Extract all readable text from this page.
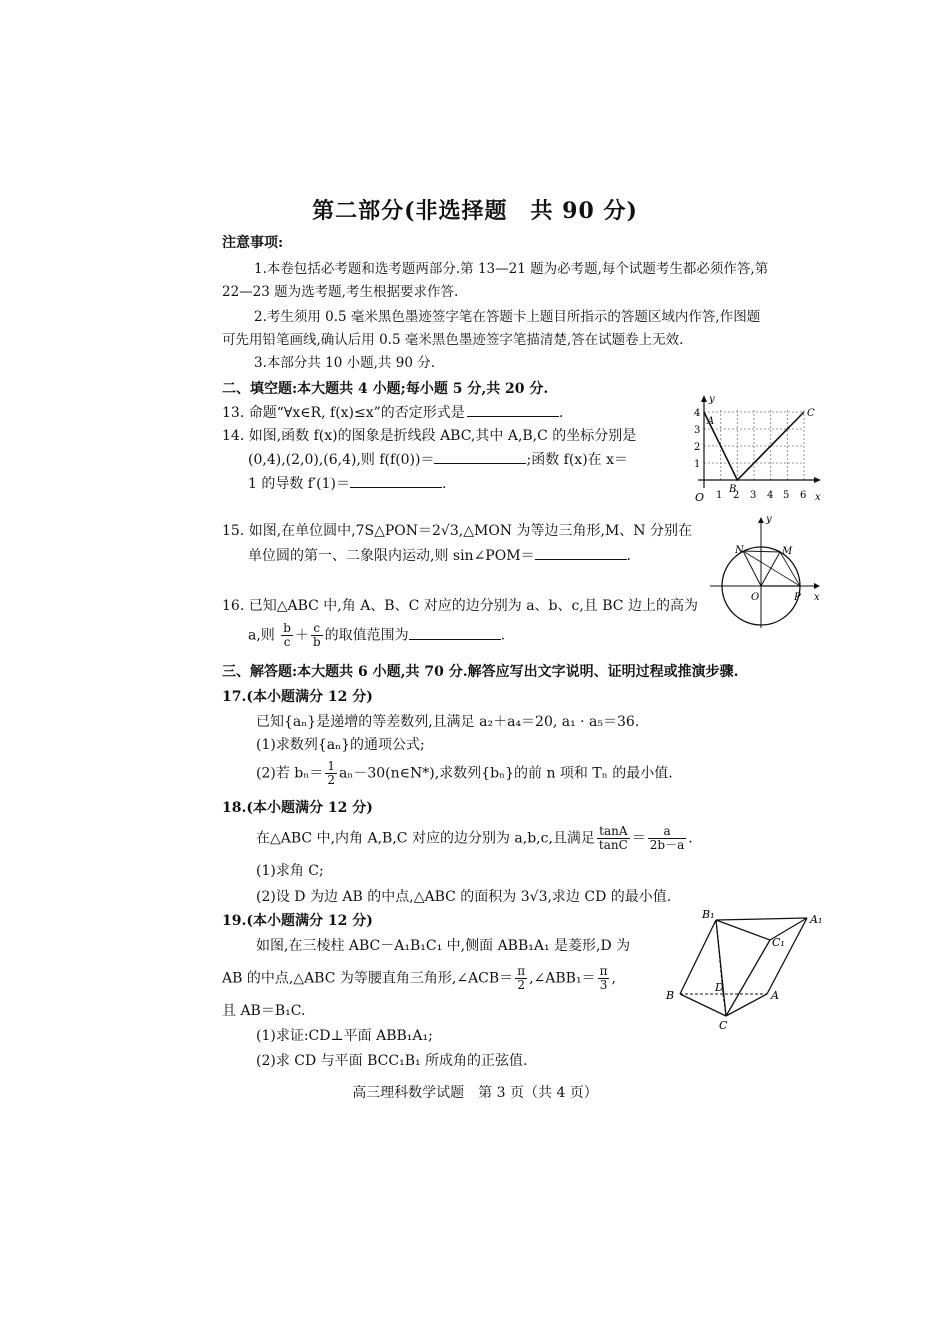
第二部分(非选择题　共 90 分)
注意事项:
1.本卷包括必考题和选考题两部分.第 13—21 题为必考题,每个试题考生都必须作答,第
22—23 题为选考题,考生根据要求作答.
2.考生须用 0.5 毫米黑色墨迹签字笔在答题卡上题目所指示的答题区域内作答,作图题
可先用铅笔画线,确认后用 0.5 毫米黑色墨迹签字笔描清楚,答在试题卷上无效.
3.本部分共 10 小题,共 90 分.
二、填空题:本大题共 4 小题;每小题 5 分,共 20 分.
13. 命题“∀x∈R, f(x)≤x”的否定形式是	.
14. 如图,函数 f(x)的图象是折线段 ABC,其中 A,B,C 的坐标分别是
(0,4),(2,0),(6,4),则 f(f(0))＝	;函数 f(x)在 x＝
1 的导数 f′(1)＝	.
y
x
O 1 2 3 4 5 6
1
2
3
4
A
B
C
15. 如图,在单位圆中,7S△PON＝2√3,△MON 为等边三角形,M、N 分别在
单位圆的第一、二象限内运动,则 sin∠POM＝	.
y
x
O	P
M
N
16. 已知△ABC 中,角 A、B、C 对应的边分别为 a、b、c,且 BC 边上的高为
a,则 $\frac{b}{c} + \frac{c}{b}$ 的取值范围为	.
三、解答题:本大题共 6 小题,共 70 分.解答应写出文字说明、证明过程或推演步骤.
17.(本小题满分 12 分)
已知{aₙ}是递增的等差数列,且满足 a₂＋a₄＝20, a₁ · a₅＝36.
(1)求数列{aₙ}的通项公式;
(2)若 $b_n= \frac{1}{2}$ aₙ－30(n∈N*),求数列{bₙ}的前 n 项和 Tₙ 的最小值.
18.(本小题满分 12 分)
在△ABC 中,内角 A,B,C 对应的边分别为 a,b,c,且满足 $\frac{\tan A}{\tan C} = \frac{a}{2b-a}$ .
(1)求角 C;
(2)设 D 为边 AB 的中点,△ABC 的面积为 3√3,求边 CD 的最小值.
19.(本小题满分 12 分)
如图,在三棱柱 ABC－A₁B₁C₁ 中,侧面 ABB₁A₁ 是菱形,D 为
AB 的中点,△ABC 为等腰直角三角形,∠ACB＝ $\frac{\pi}{2}$ ,∠ABB₁＝ $\frac{\pi}{3}$ ,
且 AB＝B₁C.
(1)求证:CD⊥平面 ABB₁A₁;
(2)求 CD 与平面 BCC₁B₁ 所成角的正弦值.
B₁	A₁
C₁
B	A
C
D
高三理科数学试题　第 3 页（共 4 页）
